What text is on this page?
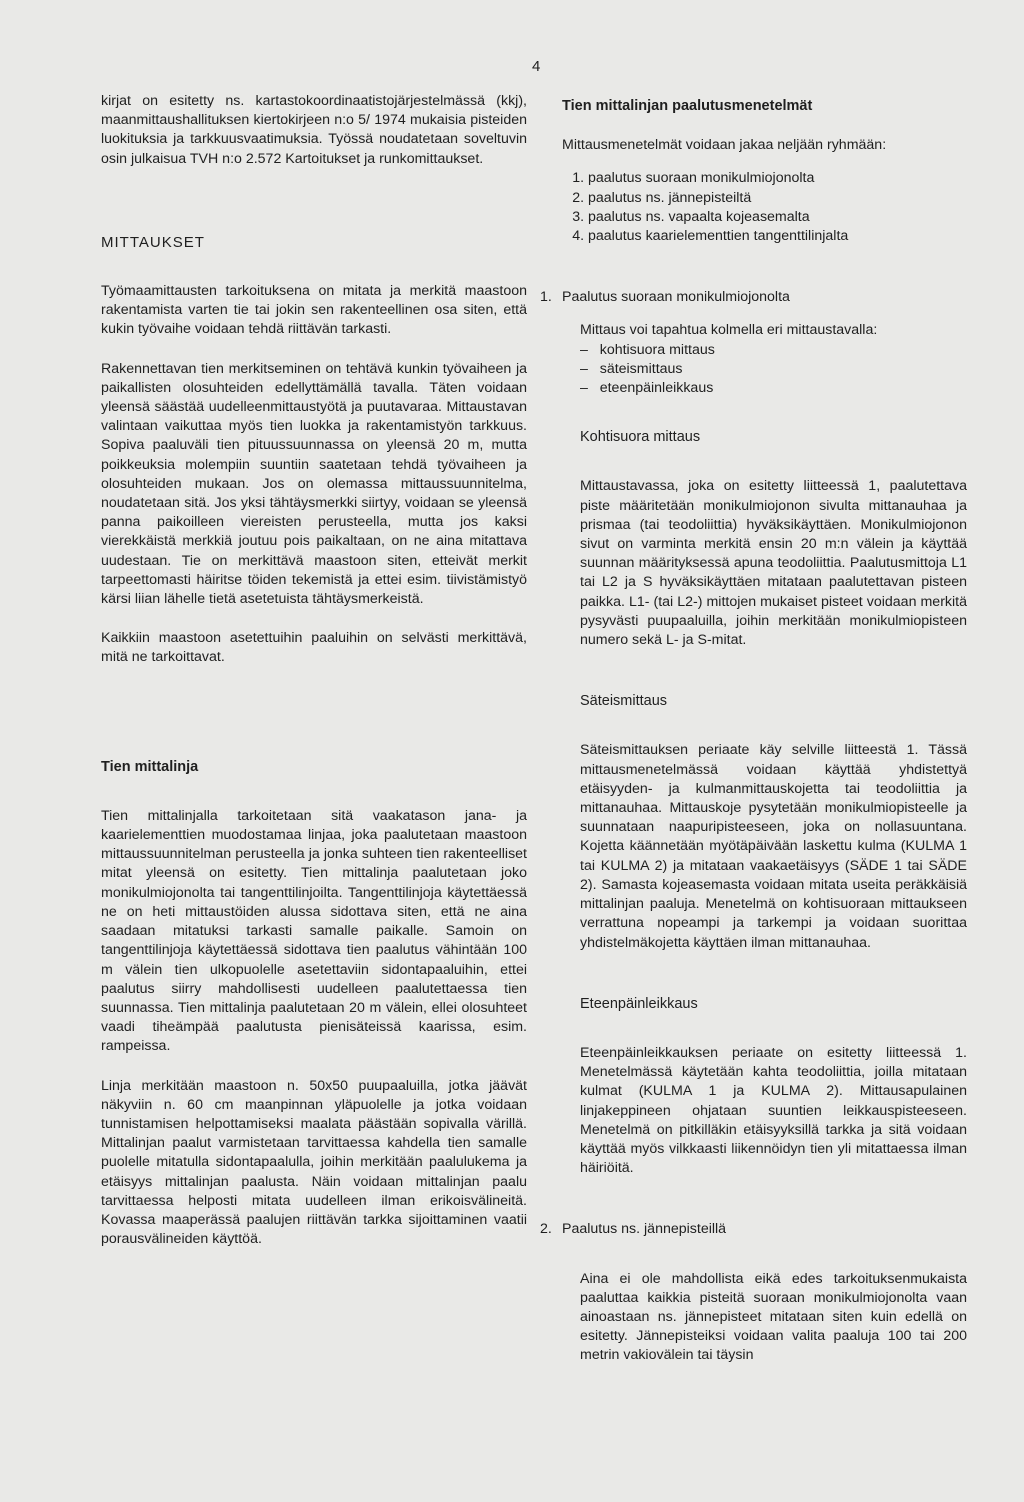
4

kirjat on esitetty ns. kartastokoordinaatistojärjestelmässä (kkj), maanmittaushallituksen kiertokirjeen n:o 5/ 1974 mukaisia pisteiden luokituksia ja tarkkuusvaatimuksia. Työssä noudatetaan soveltuvin osin julkaisua TVH n:o 2.572 Kartoitukset ja runkomittaukset.

MITTAUKSET

Työmaamittausten tarkoituksena on mitata ja merkitä maastoon rakentamista varten tie tai jokin sen rakenteellinen osa siten, että kukin työvaihe voidaan tehdä riittävän tarkasti.

Rakennettavan tien merkitseminen on tehtävä kunkin työvaiheen ja paikallisten olosuhteiden edellyttämällä tavalla. Täten voidaan yleensä säästää uudelleenmittaustyötä ja puutavaraa. Mittaustavan valintaan vaikuttaa myös tien luokka ja rakentamistyön tarkkuus. Sopiva paaluväli tien pituussuunnassa on yleensä 20 m, mutta poikkeuksia molempiin suuntiin saatetaan tehdä työvaiheen ja olosuhteiden mukaan. Jos on olemassa mittaussuunnitelma, noudatetaan sitä. Jos yksi tähtäysmerkki siirtyy, voidaan se yleensä panna paikoilleen viereisten perusteella, mutta jos kaksi vierekkäistä merkkiä joutuu pois paikaltaan, on ne aina mitattava uudestaan. Tie on merkittävä maastoon siten, etteivät merkit tarpeettomasti häiritse töiden tekemistä ja ettei esim. tiivistämistyö kärsi liian lähelle tietä asetetuista tähtäysmerkeistä.

Kaikkiin maastoon asetettuihin paaluihin on selvästi merkittävä, mitä ne tarkoittavat.

Tien mittalinja

Tien mittalinjalla tarkoitetaan sitä vaakatason jana- ja kaarielementtien muodostamaa linjaa, joka paalutetaan maastoon mittaussuunnitelman perusteella ja jonka suhteen tien rakenteelliset mitat yleensä on esitetty. Tien mittalinja paalutetaan joko monikulmiojonolta tai tangenttilinjoilta. Tangenttilinjoja käytettäessä ne on heti mittaustöiden alussa sidottava siten, että ne aina saadaan mitatuksi tarkasti samalle paikalle. Samoin on tangenttilinjoja käytettäessä sidottava tien paalutus vähintään 100 m välein tien ulkopuolelle asetettaviin sidontapaaluihin, ettei paalutus siirry mahdollisesti uudelleen paalutettaessa tien suunnassa. Tien mittalinja paalutetaan 20 m välein, ellei olosuhteet vaadi tiheämpää paalutusta pienisäteissä kaarissa, esim. rampeissa.

Linja merkitään maastoon n. 50x50 puupaaluilla, jotka jäävät näkyviin n. 60 cm maanpinnan yläpuolelle ja jotka voidaan tunnistamisen helpottamiseksi maalata päästään sopivalla värillä. Mittalinjan paalut varmistetaan tarvittaessa kahdella tien samalle puolelle mitatulla sidontapaalulla, joihin merkitään paalulukema ja etäisyys mittalinjan paalusta. Näin voidaan mittalinjan paalu tarvittaessa helposti mitata uudelleen ilman erikoisvälineitä. Kovassa maaperässä paalujen riittävän tarkka sijoittaminen vaatii porausvälineiden käyttöä.

Tien mittalinjan paalutusmenetelmät

Mittausmenetelmät voidaan jakaa neljään ryhmään:

1. paalutus suoraan monikulmiojonolta
2. paalutus ns. jännepisteiltä
3. paalutus ns. vapaalta kojeasemalta
4. paalutus kaarielementtien tangenttilinjalta
1. Paalutus suoraan monikulmiojonolta

Mittaus voi tapahtua kolmella eri mittaustavalla:

–   kohtisuora mittaus
–   säteismittaus
–   eteenpäinleikkaus
Kohtisuora mittaus

Mittaustavassa, joka on esitetty liitteessä 1, paalutettava piste määritetään monikulmiojonon sivulta mittanauhaa ja prismaa (tai teodoliittia) hyväksikäyttäen. Monikulmiojonon sivut on varminta merkitä ensin 20 m:n välein ja käyttää suunnan määrityksessä apuna teodoliittia. Paalutusmittoja L1 tai L2 ja S hyväksikäyttäen mitataan paalutettavan pisteen paikka. L1- (tai L2-) mittojen mukaiset pisteet voidaan merkitä pysyvästi puupaaluilla, joihin merkitään monikulmiopisteen numero sekä L- ja S-mitat.

Säteismittaus

Säteismittauksen periaate käy selville liitteestä 1. Tässä mittausmenetelmässä voidaan käyttää yhdistettyä etäisyyden- ja kulmanmittauskojetta tai teodoliittia ja mittanauhaa. Mittauskoje pysytetään monikulmiopisteelle ja suunnataan naapuripisteeseen, joka on nollasuuntana. Kojetta käännetään myötäpäivään laskettu kulma (KULMA 1 tai KULMA 2) ja mitataan vaakaetäisyys (SÄDE 1 tai SÄDE 2). Samasta kojeasemasta voidaan mitata useita peräkkäisiä mittalinjan paaluja. Menetelmä on kohtisuoraan mittaukseen verrattuna nopeampi ja tarkempi ja voidaan suorittaa yhdistelmäkojetta käyttäen ilman mittanauhaa.

Eteenpäinleikkaus

Eteenpäinleikkauksen periaate on esitetty liitteessä 1. Menetelmässä käytetään kahta teodoliittia, joilla mitataan kulmat (KULMA 1 ja KULMA 2). Mittausapulainen linjakeppineen ohjataan suuntien leikkauspisteeseen. Menetelmä on pitkilläkin etäisyyksillä tarkka ja sitä voidaan käyttää myös vilkkaasti liikennöidyn tien yli mitattaessa ilman häiriöitä.

2. Paalutus ns. jännepisteillä

Aina ei ole mahdollista eikä edes tarkoituksenmukaista paaluttaa kaikkia pisteitä suoraan monikulmiojonolta vaan ainoastaan ns. jännepisteet mitataan siten kuin edellä on esitetty. Jännepisteiksi voidaan valita paaluja 100 tai 200 metrin vakiovälein tai täysin
